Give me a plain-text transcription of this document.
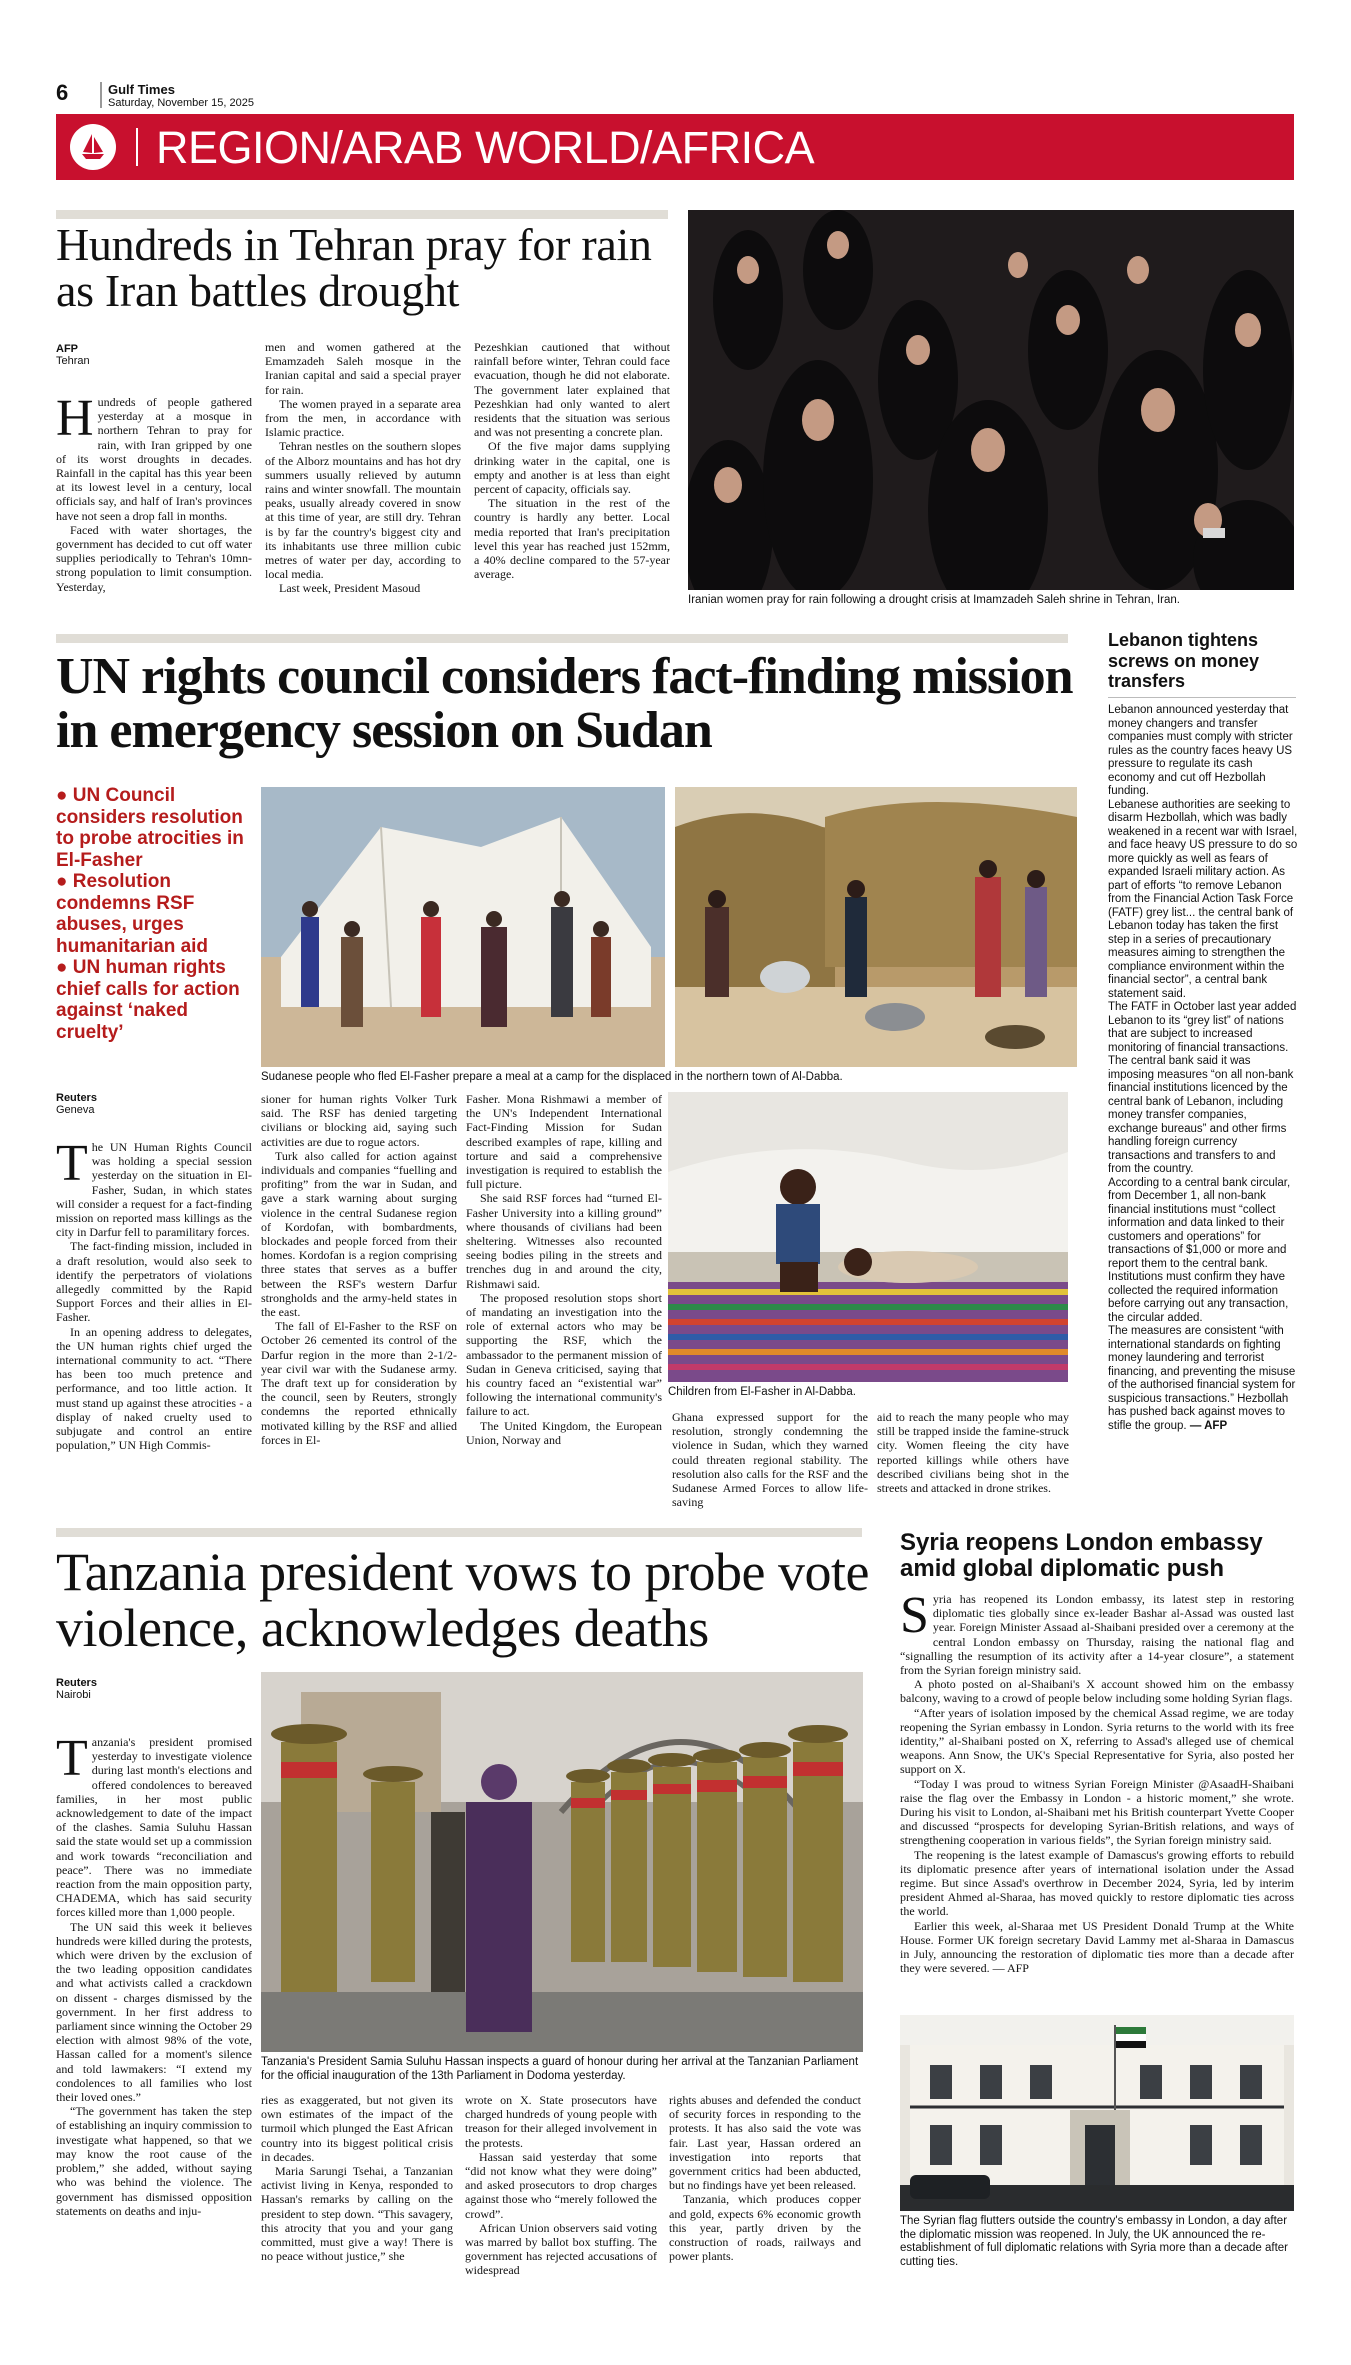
6	Gulf Times
Saturday, November 15, 2025
REGION/ARAB WORLD/AFRICA
Hundreds in Tehran pray for rain as Iran battles drought
AFP
Tehran
H undreds of people gathered yesterday at a mosque in northern Tehran to pray for rain, with Iran gripped by one of its worst droughts in decades. Rainfall in the capital has this year been at its lowest level in a century, local officials say, and half of Iran's provinces have not seen a drop fall in months.

Faced with water shortages, the government has decided to cut off water supplies periodically to Tehran's 10mn-strong population to limit consumption. Yesterday,

men and women gathered at the Emamzadeh Saleh mosque in the Iranian capital and said a special prayer for rain.

The women prayed in a separate area from the men, in accordance with Islamic practice.

Tehran nestles on the southern slopes of the Alborz mountains and has hot dry summers usually relieved by autumn rains and winter snowfall. The mountain peaks, usually already covered in snow at this time of year, are still dry. Tehran is by far the country's biggest city and its inhabitants use three million cubic metres of water per day, according to local media.

Last week, President Masoud

Pezeshkian cautioned that without rainfall before winter, Tehran could face evacuation, though he did not elaborate. The government later explained that Pezeshkian had only wanted to alert residents that the situation was serious and was not presenting a concrete plan.

Of the five major dams supplying drinking water in the capital, one is empty and another is at less than eight percent of capacity, officials say.

The situation in the rest of the country is hardly any better. Local media reported that Iran's precipitation level this year has reached just 152mm, a 40% decline compared to the 57-year average.

Iranian women pray for rain following a drought crisis at Imamzadeh Saleh shrine in Tehran, Iran.
UN rights council considers fact-finding mission in emergency session on Sudan
● UN Council considers resolution to probe atrocities in El-Fasher
● Resolution condemns RSF abuses, urges humanitarian aid
● UN human rights chief calls for action against ‘naked cruelty’
Sudanese people who fled El-Fasher prepare a meal at a camp for the displaced in the northern town of Al-Dabba.
Reuters
Geneva
T he UN Human Rights Council was holding a special session yesterday on the situation in El-Fasher, Sudan, in which states will consider a request for a fact-finding mission on reported mass killings as the city in Darfur fell to paramilitary forces.

The fact-finding mission, included in a draft resolution, would also seek to identify the perpetrators of violations allegedly committed by the Rapid Support Forces and their allies in El-Fasher.

In an opening address to delegates, the UN human rights chief urged the international community to act. “There has been too much pretence and performance, and too little action. It must stand up against these atrocities - a display of naked cruelty used to subjugate and control an entire population,” UN High Commis-

sioner for human rights Volker Turk said. The RSF has denied targeting civilians or blocking aid, saying such activities are due to rogue actors.

Turk also called for action against individuals and companies “fuelling and profiting” from the war in Sudan, and gave a stark warning about surging violence in the central Sudanese region of Kordofan, with bombardments, blockades and people forced from their homes. Kordofan is a region comprising three states that serves as a buffer between the RSF's western Darfur strongholds and the army-held states in the east.

The fall of El-Fasher to the RSF on October 26 cemented its control of the Darfur region in the more than 2-1/2-year civil war with the Sudanese army. The draft text up for consideration by the council, seen by Reuters, strongly condemns the reported ethnically motivated killing by the RSF and allied forces in El-

Fasher. Mona Rishmawi a member of the UN's Independent International Fact-Finding Mission for Sudan described examples of rape, killing and torture and said a comprehensive investigation is required to establish the full picture.

She said RSF forces had “turned El-Fasher University into a killing ground” where thousands of civilians had been sheltering. Witnesses also recounted seeing bodies piling in the streets and trenches dug in and around the city, Rishmawi said.

The proposed resolution stops short of mandating an investigation into the role of external actors who may be supporting the RSF, which the ambassador to the permanent mission of Sudan in Geneva criticised, saying that his country faced an “existential war” following the international community's failure to act.

The United Kingdom, the European Union, Norway and

Children from El-Fasher in Al-Dabba.

Ghana expressed support for the resolution, strongly condemning the violence in Sudan, which they warned could threaten regional stability. The resolution also calls for the RSF and the Sudanese Armed Forces to allow life-saving

aid to reach the many people who may still be trapped inside the famine-struck city. Women fleeing the city have reported killings while others have described civilians being shot in the streets and attacked in drone strikes.

Lebanon tightens screws on money transfers

Lebanon announced yesterday that money changers and transfer companies must comply with stricter rules as the country faces heavy US pressure to regulate its cash economy and cut off Hezbollah funding.

Lebanese authorities are seeking to disarm Hezbollah, which was badly weakened in a recent war with Israel, and face heavy US pressure to do so more quickly as well as fears of expanded Israeli military action. As part of efforts “to remove Lebanon from the Financial Action Task Force (FATF) grey list... the central bank of Lebanon today has taken the first step in a series of precautionary measures aiming to strengthen the compliance environment within the financial sector”, a central bank statement said.

The FATF in October last year added Lebanon to its “grey list” of nations that are subject to increased monitoring of financial transactions. The central bank said it was imposing measures “on all non-bank financial institutions licenced by the central bank of Lebanon, including money transfer companies, exchange bureaus” and other firms handling foreign currency transactions and transfers to and from the country.

According to a central bank circular, from December 1, all non-bank financial institutions must “collect information and data linked to their customers and operations” for transactions of $1,000 or more and report them to the central bank.

Institutions must confirm they have collected the required information before carrying out any transaction, the circular added.

The measures are consistent “with international standards on fighting money laundering and terrorist financing, and preventing the misuse of the authorised financial system for suspicious transactions.” Hezbollah has pushed back against moves to stifle the group. — AFP

Tanzania president vows to probe vote violence, acknowledges deaths
Reuters
Nairobi
T anzania's president promised yesterday to investigate violence during last month's elections and offered condolences to bereaved families, in her most public acknowledgement to date of the impact of the clashes. Samia Suluhu Hassan said the state would set up a commission and work towards “reconciliation and peace”. There was no immediate reaction from the main opposition party, CHADEMA, which has said security forces killed more than 1,000 people.

The UN said this week it believes hundreds were killed during the protests, which were driven by the exclusion of the two leading opposition candidates and what activists called a crackdown on dissent - charges dismissed by the government. In her first address to parliament since winning the October 29 election with almost 98% of the vote, Hassan called for a moment's silence and told lawmakers: “I extend my condolences to all families who lost their loved ones.”

“The government has taken the step of establishing an inquiry commission to investigate what happened, so that we may know the root cause of the problem,” she added, without saying who was behind the violence. The government has dismissed opposition statements on deaths and inju-

Tanzania's President Samia Suluhu Hassan inspects a guard of honour during her arrival at the Tanzanian Parliament for the official inauguration of the 13th Parliament in Dodoma yesterday.

ries as exaggerated, but not given its own estimates of the impact of the turmoil which plunged the East African country into its biggest political crisis in decades.

Maria Sarungi Tsehai, a Tanzanian activist living in Kenya, responded to Hassan's remarks by calling on the president to step down. “This savagery, this atrocity that you and your gang committed, must give a way! There is no peace without justice,” she

wrote on X. State prosecutors have charged hundreds of young people with treason for their alleged involvement in the protests.

Hassan said yesterday that some “did not know what they were doing” and asked prosecutors to drop charges against those who “merely followed the crowd”.

African Union observers said voting was marred by ballot box stuffing. The government has rejected accusations of widespread

rights abuses and defended the conduct of security forces in responding to the protests. It has also said the vote was fair. Last year, Hassan ordered an investigation into reports that government critics had been abducted, but no findings have yet been released.

Tanzania, which produces copper and gold, expects 6% economic growth this year, partly driven by the construction of roads, railways and power plants.

Syria reopens London embassy amid global diplomatic push
S yria has reopened its London embassy, its latest step in restoring diplomatic ties globally since ex-leader Bashar al-Assad was ousted last year. Foreign Minister Assaad al-Shaibani presided over a ceremony at the central London embassy on Thursday, raising the national flag and “signalling the resumption of its activity after a 14-year closure”, a statement from the Syrian foreign ministry said.

A photo posted on al-Shaibani's X account showed him on the embassy balcony, waving to a crowd of people below including some holding Syrian flags.

“After years of isolation imposed by the chemical Assad regime, we are today reopening the Syrian embassy in London. Syria returns to the world with its free identity,” al-Shaibani posted on X, referring to Assad's alleged use of chemical weapons. Ann Snow, the UK's Special Representative for Syria, also posted her support on X.

“Today I was proud to witness Syrian Foreign Minister @AsaadH-Shaibani raise the flag over the Embassy in London - a historic moment,” she wrote. During his visit to London, al-Shaibani met his British counterpart Yvette Cooper and discussed “prospects for developing Syrian-British relations, and ways of strengthening cooperation in various fields”, the Syrian foreign ministry said.

The reopening is the latest example of Damascus's growing efforts to rebuild its diplomatic presence after years of international isolation under the Assad regime. But since Assad's overthrow in December 2024, Syria, led by interim president Ahmed al-Sharaa, has moved quickly to restore diplomatic ties across the world.

Earlier this week, al-Sharaa met US President Donald Trump at the White House. Former UK foreign secretary David Lammy met al-Sharaa in Damascus in July, announcing the restoration of diplomatic ties more than a decade after they were severed. — AFP

The Syrian flag flutters outside the country's embassy in London, a day after the diplomatic mission was reopened. In July, the UK announced the re-establishment of full diplomatic relations with Syria more than a decade after cutting ties.
